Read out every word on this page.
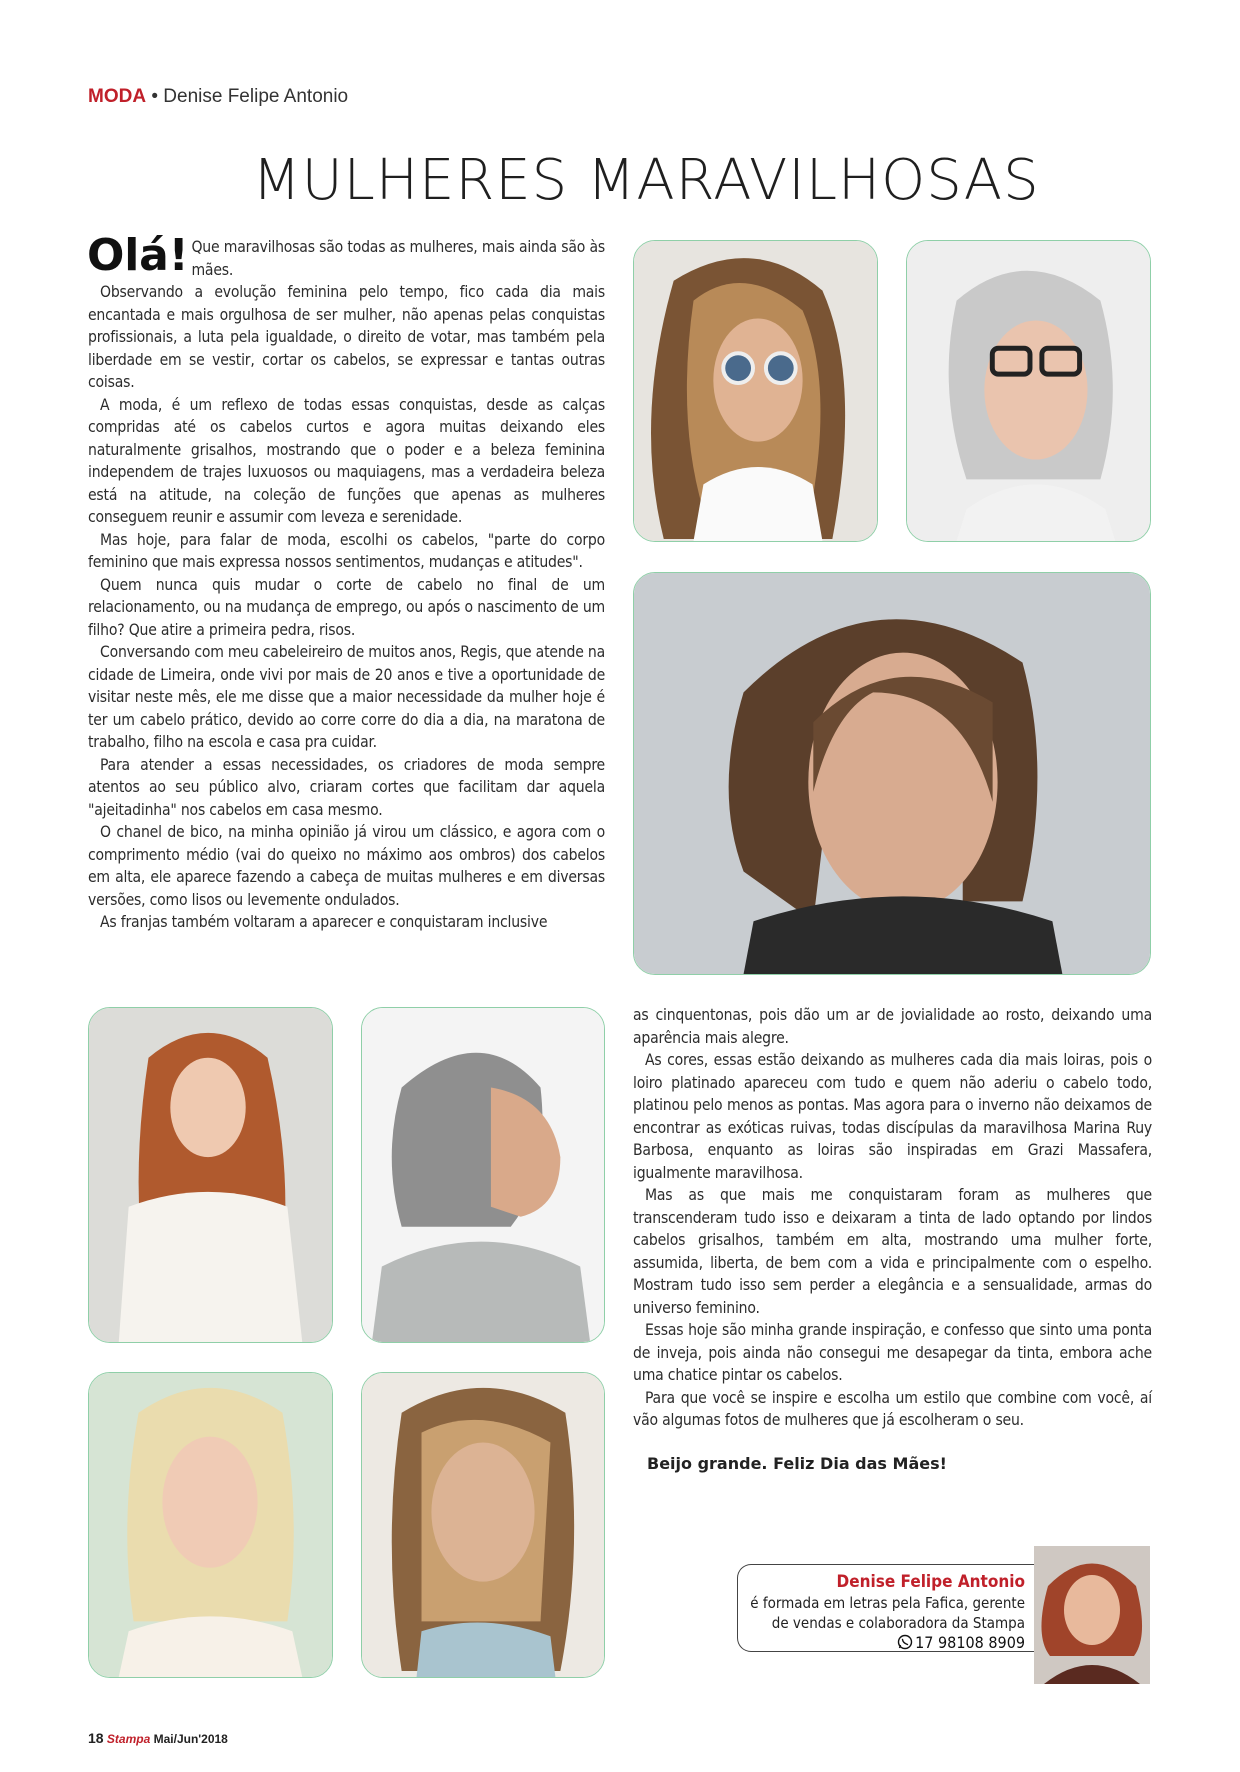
MODA • Denise Felipe Antonio
MULHERES MARAVILHOSAS

Olá! Que maravilhosas são todas as mulheres, mais ainda são às mães.

Observando a evolução feminina pelo tempo, fico cada dia mais encantada e mais orgulhosa de ser mulher, não apenas pelas conquistas profissionais, a luta pela igualdade, o direito de votar, mas também pela liberdade em se vestir, cortar os cabelos, se expressar e tantas outras coisas.

A moda, é um reflexo de todas essas conquistas, desde as calças compridas até os cabelos curtos e agora muitas deixando eles naturalmente grisalhos, mostrando que o poder e a beleza feminina independem de trajes luxuosos ou maquiagens, mas a verdadeira beleza está na atitude, na coleção de funções que apenas as mulheres conseguem reunir e assumir com leveza e serenidade.

Mas hoje, para falar de moda, escolhi os cabelos, "parte do corpo feminino que mais expressa nossos sentimentos, mudanças e atitudes".

Quem nunca quis mudar o corte de cabelo no final de um relacionamento, ou na mudança de emprego, ou após o nascimento de um filho? Que atire a primeira pedra, risos.

Conversando com meu cabeleireiro de muitos anos, Regis, que atende na cidade de Limeira, onde vivi por mais de 20 anos e tive a oportunidade de visitar neste mês, ele me disse que a maior necessidade da mulher hoje é ter um cabelo prático, devido ao corre corre do dia a dia, na maratona de trabalho, filho na escola e casa pra cuidar.

Para atender a essas necessidades, os criadores de moda sempre atentos ao seu público alvo, criaram cortes que facilitam dar aquela "ajeitadinha" nos cabelos em casa mesmo.

O chanel de bico, na minha opinião já virou um clássico, e agora com o comprimento médio (vai do queixo no máximo aos ombros) dos cabelos em alta, ele aparece fazendo a cabeça de muitas mulheres e em diversas versões, como lisos ou levemente ondulados.

As franjas também voltaram a aparecer e conquistaram inclusive

as cinquentonas, pois dão um ar de jovialidade ao rosto, deixando uma aparência mais alegre.

As cores, essas estão deixando as mulheres cada dia mais loiras, pois o loiro platinado apareceu com tudo e quem não aderiu o cabelo todo, platinou pelo menos as pontas. Mas agora para o inverno não deixamos de encontrar as exóticas ruivas, todas discípulas da maravilhosa Marina Ruy Barbosa, enquanto as loiras são inspiradas em Grazi Massafera, igualmente maravilhosa.

Mas as que mais me conquistaram foram as mulheres que transcenderam tudo isso e deixaram a tinta de lado optando por lindos cabelos grisalhos, também em alta, mostrando uma mulher forte, assumida, liberta, de bem com a vida e principalmente com o espelho. Mostram tudo isso sem perder a elegância e a sensualidade, armas do universo feminino.

Essas hoje são minha grande inspiração, e confesso que sinto uma ponta de inveja, pois ainda não consegui me desapegar da tinta, embora ache uma chatice pintar os cabelos.

Para que você se inspire e escolha um estilo que combine com você, aí vão algumas fotos de mulheres que já escolheram o seu.

Beijo grande. Feliz Dia das Mães!
Denise Felipe Antonio
é formada em letras pela Fafica, gerente
de vendas e colaboradora da Stampa
17 98108 8909
18 Stampa Mai/Jun'2018
